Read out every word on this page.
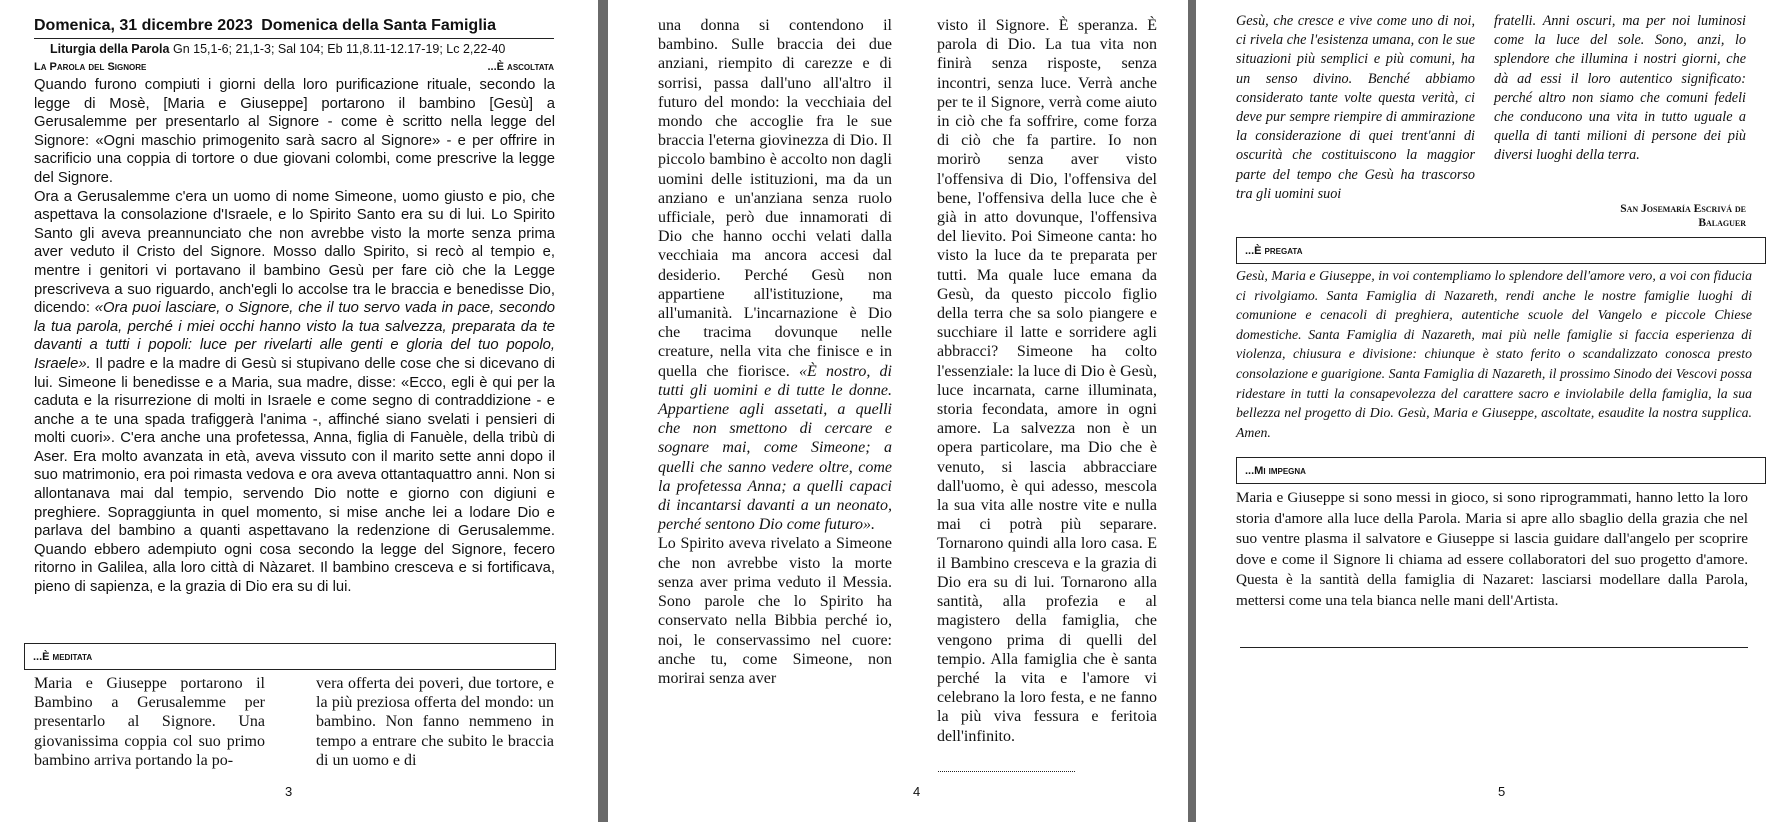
Domenica, 31 dicembre 2023 Domenica della Santa Famiglia
Liturgia della Parola Gn 15,1-6; 21,1-3; Sal 104; Eb 11,8.11-12.17-19; Lc 2,22-40
La Parola del Signore	...È ascoltata

Quando furono compiuti i giorni della loro purificazione rituale, secondo la legge di Mosè, [Maria e Giuseppe] portarono il bambino [Gesù] a Gerusalemme per presentarlo al Signore - come è scritto nella legge del Signore: «Ogni maschio primogenito sarà sacro al Signore» - e per offrire in sacrificio una coppia di tortore o due giovani colombi, come prescrive la legge del Signore.

Ora a Gerusalemme c'era un uomo di nome Simeone, uomo giusto e pio, che aspettava la consolazione d'Israele, e lo Spirito Santo era su di lui. Lo Spirito Santo gli aveva preannunciato che non avrebbe visto la morte senza prima aver veduto il Cristo del Signore. Mosso dallo Spirito, si recò al tempio e, mentre i genitori vi portavano il bambino Gesù per fare ciò che la Legge prescriveva a suo riguardo, anch'egli lo accolse tra le braccia e benedisse Dio, dicendo: «Ora puoi lasciare, o Signore, che il tuo servo vada in pace, secondo la tua parola, perché i miei occhi hanno visto la tua salvezza, preparata da te davanti a tutti i popoli: luce per rivelarti alle genti e gloria del tuo popolo, Israele». Il padre e la madre di Gesù si stupivano delle cose che si dicevano di lui. Simeone li benedisse e a Maria, sua madre, disse: «Ecco, egli è qui per la caduta e la risurrezione di molti in Israele e come segno di contraddizione - e anche a te una spada trafiggerà l'anima -, affinché siano svelati i pensieri di molti cuori». C'era anche una profetessa, Anna, figlia di Fanuèle, della tribù di Aser. Era molto avanzata in età, aveva vissuto con il marito sette anni dopo il suo matrimonio, era poi rimasta vedova e ora aveva ottantaquattro anni. Non si allontanava mai dal tempio, servendo Dio notte e giorno con digiuni e preghiere. Sopraggiunta in quel momento, si mise anche lei a lodare Dio e parlava del bambino a quanti aspettavano la redenzione di Gerusalemme. Quando ebbero adempiuto ogni cosa secondo la legge del Signore, fecero ritorno in Galilea, alla loro città di Nàzaret. Il bambino cresceva e si fortificava, pieno di sapienza, e la grazia di Dio era su di lui.

...È meditata
Maria e Giuseppe portarono il Bambino a Gerusalemme per presentarlo al Signore. Una giovanissima coppia col suo primo bambino arriva portando la po-
vera offerta dei poveri, due tortore, e la più preziosa offerta del mondo: un bambino. Non fanno nemmeno in tempo a entrare che subito le braccia di un uomo e di
3

una donna si contendono il bambino. Sulle braccia dei due anziani, riempito di carezze e di sorrisi, passa dall'uno all'altro il futuro del mondo: la vecchiaia del mondo che accoglie fra le sue braccia l'eterna giovinezza di Dio. Il piccolo bambino è accolto non dagli uomini delle istituzioni, ma da un anziano e un'anziana senza ruolo ufficiale, però due innamorati di Dio che hanno occhi velati dalla vecchiaia ma ancora accesi dal desiderio. Perché Gesù non appartiene all'istituzione, ma all'umanità. L'incarnazione è Dio che tracima dovunque nelle creature, nella vita che finisce e in quella che fiorisce. «È nostro, di tutti gli uomini e di tutte le donne. Appartiene agli assetati, a quelli che non smettono di cercare e sognare mai, come Simeone; a quelli che sanno vedere oltre, come la profetessa Anna; a quelli capaci di incantarsi davanti a un neonato, perché sentono Dio come futuro».

Lo Spirito aveva rivelato a Simeone che non avrebbe visto la morte senza aver prima veduto il Messia. Sono parole che lo Spirito ha conservato nella Bibbia perché io, noi, le conservassimo nel cuore: anche tu, come Simeone, non morirai senza aver

visto il Signore. È speranza. È parola di Dio. La tua vita non finirà senza risposte, senza incontri, senza luce. Verrà anche per te il Signore, verrà come aiuto in ciò che fa soffrire, come forza di ciò che fa partire. Io non morirò senza aver visto l'offensiva di Dio, l'offensiva del bene, l'offensiva della luce che è già in atto dovunque, l'offensiva del lievito. Poi Simeone canta: ho visto la luce da te preparata per tutti. Ma quale luce emana da Gesù, da questo piccolo figlio della terra che sa solo piangere e succhiare il latte e sorridere agli abbracci? Simeone ha colto l'essenziale: la luce di Dio è Gesù, luce incarnata, carne illuminata, storia fecondata, amore in ogni amore. La salvezza non è un opera particolare, ma Dio che è venuto, si lascia abbracciare dall'uomo, è qui adesso, mescola la sua vita alle nostre vite e nulla mai ci potrà più separare. Tornarono quindi alla loro casa. E il Bambino cresceva e la grazia di Dio era su di lui. Tornarono alla santità, alla profezia e al magistero della famiglia, che vengono prima di quelli del tempio. Alla famiglia che è santa perché la vita e l'amore vi celebrano la loro festa, e ne fanno la più viva fessura e feritoia dell'infinito.
4
Gesù, che cresce e vive come uno di noi, ci rivela che l'esistenza umana, con le sue situazioni più semplici e più comuni, ha un senso divino. Benché abbiamo considerato tante volte questa verità, ci deve pur sempre riempire di ammirazione la considerazione di quei trent'anni di oscurità che costituiscono la maggior parte del tempo che Gesù ha trascorso tra gli uomini suoi
fratelli. Anni oscuri, ma per noi luminosi come la luce del sole. Sono, anzi, lo splendore che illumina i nostri giorni, che dà ad essi il loro autentico significato: perché altro non siamo che comuni fedeli che conducono una vita in tutto uguale a quella di tanti milioni di persone dei più diversi luoghi della terra.
San Josemaría Escrivá de
Balaguer
...È pregata
Gesù, Maria e Giuseppe, in voi contempliamo lo splendore dell'amore vero, a voi con fiducia ci rivolgiamo. Santa Famiglia di Nazareth, rendi anche le nostre famiglie luoghi di comunione e cenacoli di preghiera, autentiche scuole del Vangelo e piccole Chiese domestiche. Santa Famiglia di Nazareth, mai più nelle famiglie si faccia esperienza di violenza, chiusura e divisione: chiunque è stato ferito o scandalizzato conosca presto consolazione e guarigione. Santa Famiglia di Nazareth, il prossimo Sinodo dei Vescovi possa ridestare in tutti la consapevolezza del carattere sacro e inviolabile della famiglia, la sua bellezza nel progetto di Dio. Gesù, Maria e Giuseppe, ascoltate, esaudite la nostra supplica. Amen.
...Mi impegna
Maria e Giuseppe si sono messi in gioco, si sono riprogrammati, hanno letto la loro storia d'amore alla luce della Parola. Maria si apre allo sbaglio della grazia che nel suo ventre plasma il salvatore e Giuseppe si lascia guidare dall'angelo per scoprire dove e come il Signore li chiama ad essere collaboratori del suo progetto d'amore. Questa è la santità della famiglia di Nazaret: lasciarsi modellare dalla Parola, mettersi come una tela bianca nelle mani dell'Artista.
5
